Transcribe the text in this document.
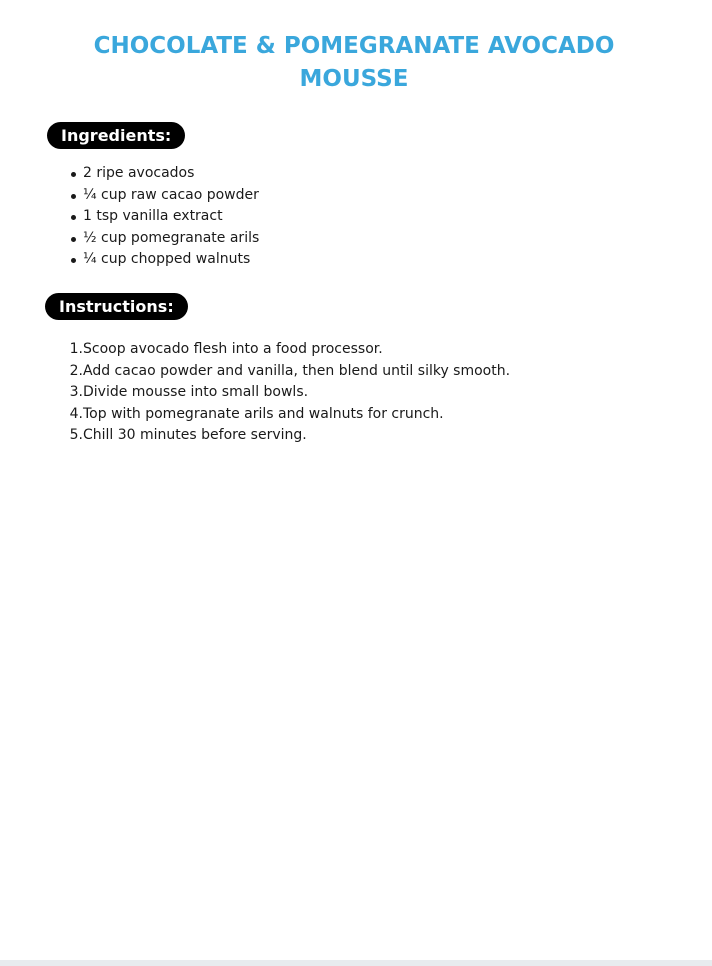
CHOCOLATE & POMEGRANATE AVOCADO MOUSSE
Ingredients:
2 ripe avocados
¼ cup raw cacao powder
1 tsp vanilla extract
½ cup pomegranate arils
¼ cup chopped walnuts
Instructions:
1. Scoop avocado flesh into a food processor.
2. Add cacao powder and vanilla, then blend until silky smooth.
3. Divide mousse into small bowls.
4. Top with pomegranate arils and walnuts for crunch.
5. Chill 30 minutes before serving.
